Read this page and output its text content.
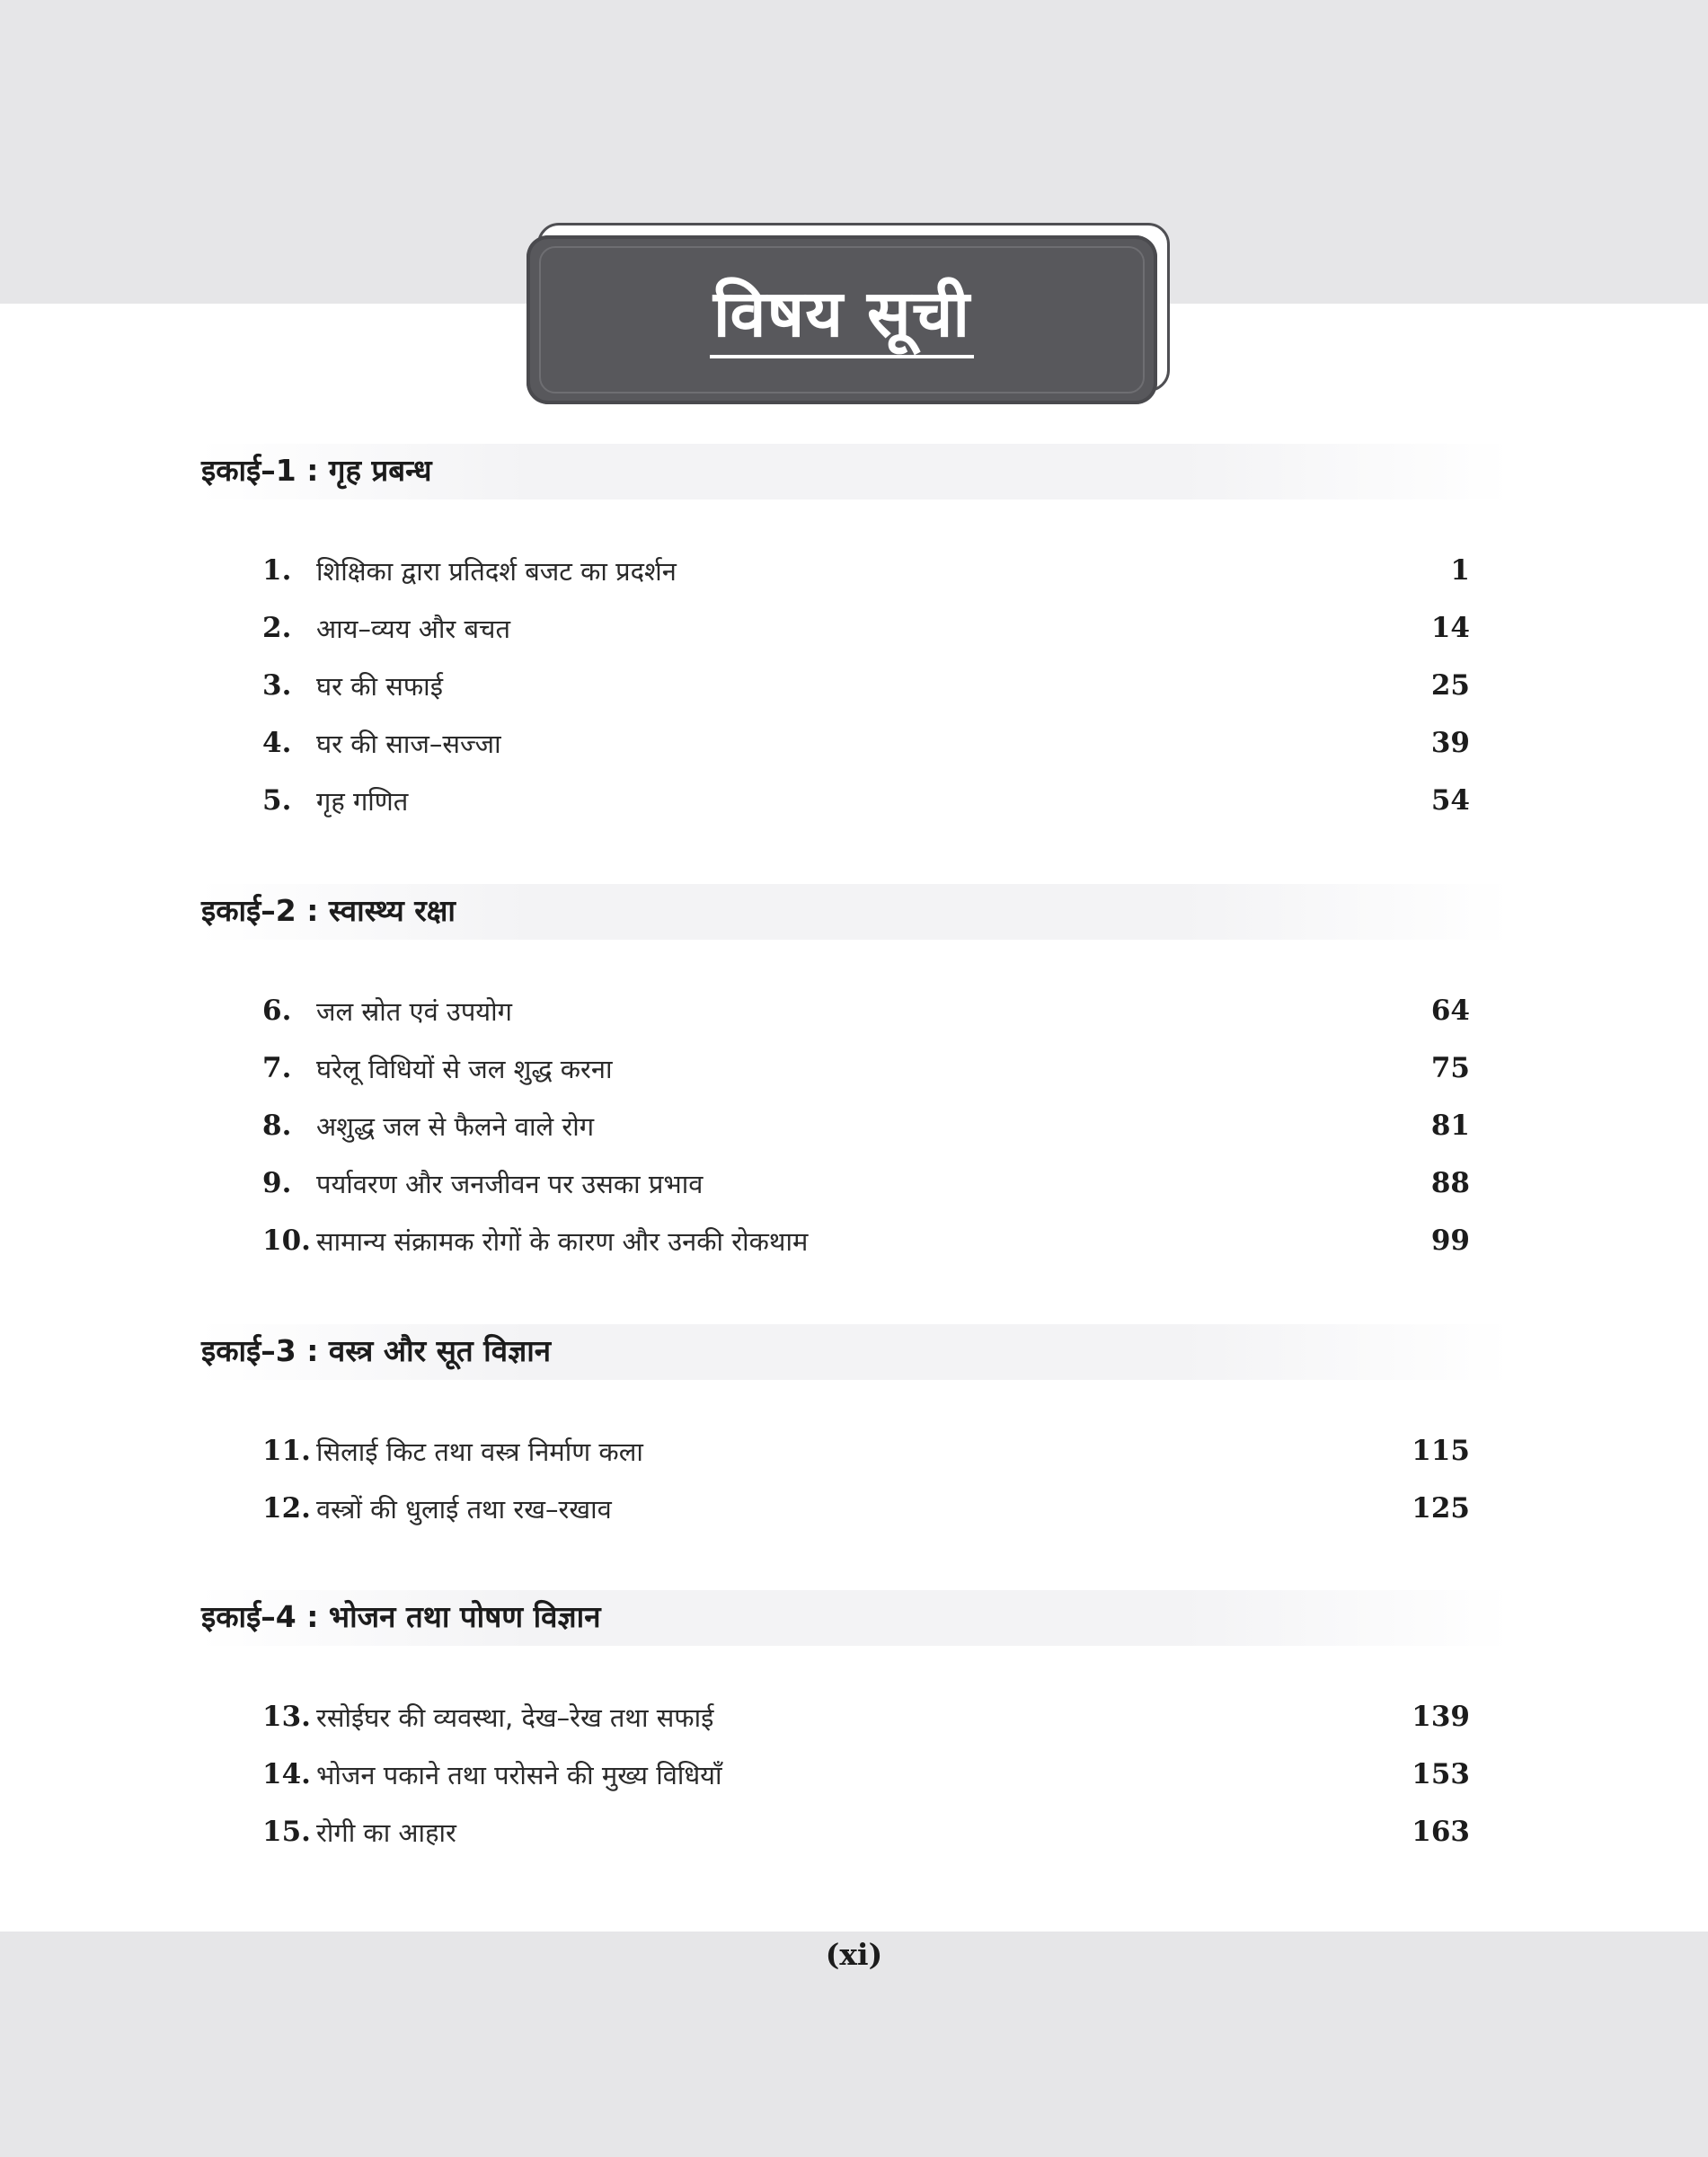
विषय सूची
इकाई–1 : गृह प्रबन्ध
1. शिक्षिका द्वारा प्रतिदर्श बजट का प्रदर्शन	1
2. आय–व्यय और बचत	14
3. घर की सफाई	25
4. घर की साज–सज्जा	39
5. गृह गणित	54
इकाई–2 : स्वास्थ्य रक्षा
6. जल स्रोत एवं उपयोग	64
7. घरेलू विधियों से जल शुद्ध करना	75
8. अशुद्ध जल से फैलने वाले रोग	81
9. पर्यावरण और जनजीवन पर उसका प्रभाव	88
10. सामान्य संक्रामक रोगों के कारण और उनकी रोकथाम	99
इकाई–3 : वस्त्र और सूत विज्ञान
11. सिलाई किट तथा वस्त्र निर्माण कला	115
12. वस्त्रों की धुलाई तथा रख–रखाव	125
इकाई–4 : भोजन तथा पोषण विज्ञान
13. रसोईघर की व्यवस्था, देख–रेख तथा सफाई	139
14. भोजन पकाने तथा परोसने की मुख्य विधियाँ	153
15. रोगी का आहार	163
(xi)
